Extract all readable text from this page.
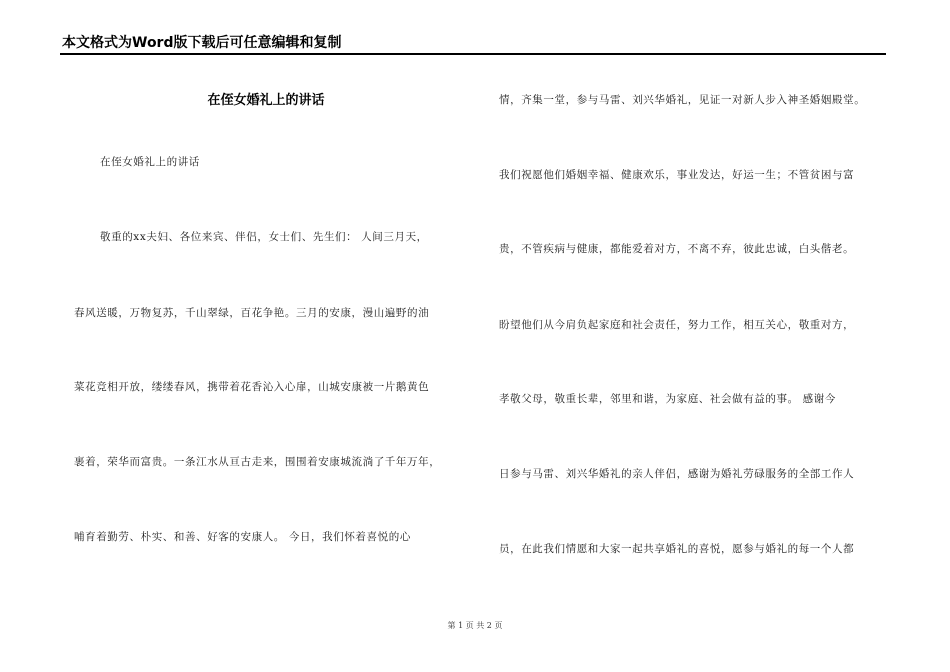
本文格式为Word版下载后可任意编辑和复制
在侄女婚礼上的讲话
在侄女婚礼上的讲话
敬重的xx夫妇、各位来宾、伴侣，女士们、先生们： 人间三月天，
春风送暖，万物复苏，千山翠绿，百花争艳。三月的安康，漫山遍野的油
菜花竞相开放，缕缕春风，携带着花香沁入心扉，山城安康被一片鹅黄色
裹着，荣华而富贵。一条江水从亘古走来，围围着安康城流淌了千年万年，
哺育着勤劳、朴实、和善、好客的安康人。 今日，我们怀着喜悦的心
情，齐集一堂，参与马雷、刘兴华婚礼，见证一对新人步入神圣婚姻殿堂。
我们祝愿他们婚姻幸福、健康欢乐，事业发达，好运一生；不管贫困与富
贵，不管疾病与健康，都能爱着对方，不离不弃，彼此忠诚，白头偕老。
盼望他们从今肩负起家庭和社会责任，努力工作，相互关心，敬重对方，
孝敬父母，敬重长辈，邻里和谐，为家庭、社会做有益的事。 感谢今
日参与马雷、刘兴华婚礼的亲人伴侣，感谢为婚礼劳碌服务的全部工作人
员，在此我们情愿和大家一起共享婚礼的喜悦，愿参与婚礼的每一个人都
第 1 页 共 2 页
